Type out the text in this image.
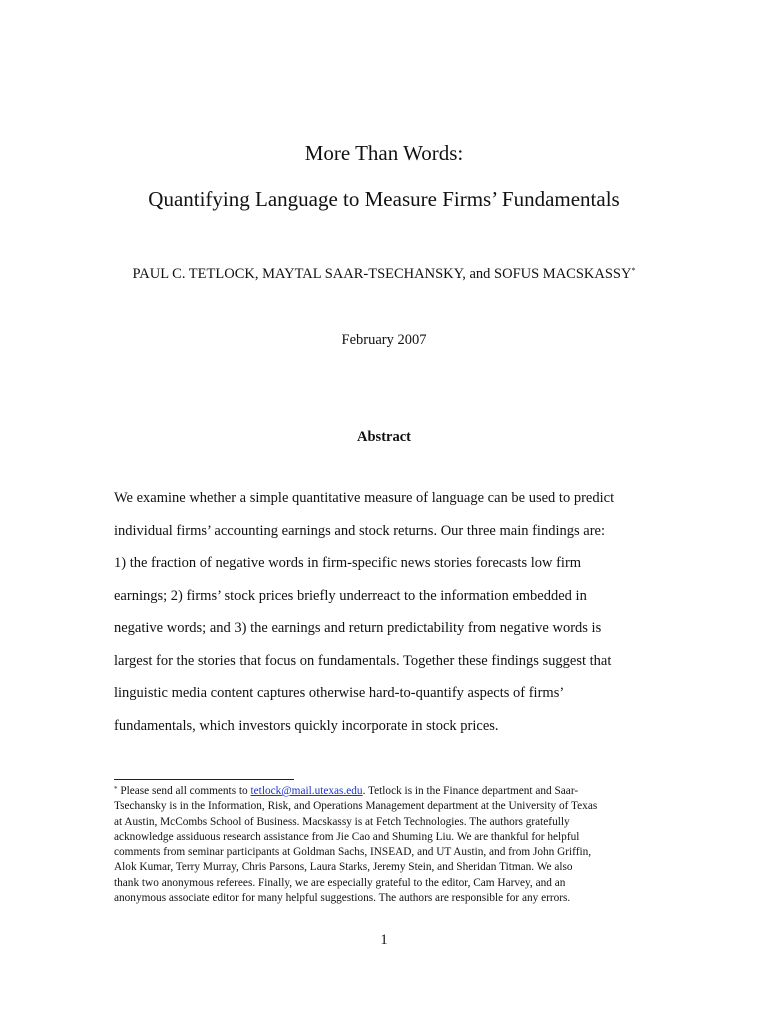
More Than Words:
Quantifying Language to Measure Firms’ Fundamentals
PAUL C. TETLOCK, MAYTAL SAAR-TSECHANSKY, and SOFUS MACSKASSY*
February 2007
Abstract
We examine whether a simple quantitative measure of language can be used to predict
individual firms’ accounting earnings and stock returns. Our three main findings are:
1) the fraction of negative words in firm-specific news stories forecasts low firm
earnings; 2) firms’ stock prices briefly underreact to the information embedded in
negative words; and 3) the earnings and return predictability from negative words is
largest for the stories that focus on fundamentals. Together these findings suggest that
linguistic media content captures otherwise hard-to-quantify aspects of firms’
fundamentals, which investors quickly incorporate in stock prices.
* Please send all comments to tetlock@mail.utexas.edu. Tetlock is in the Finance department and Saar-
Tsechansky is in the Information, Risk, and Operations Management department at the University of Texas
at Austin, McCombs School of Business. Macskassy is at Fetch Technologies. The authors gratefully
acknowledge assiduous research assistance from Jie Cao and Shuming Liu. We are thankful for helpful
comments from seminar participants at Goldman Sachs, INSEAD, and UT Austin, and from John Griffin,
Alok Kumar, Terry Murray, Chris Parsons, Laura Starks, Jeremy Stein, and Sheridan Titman. We also
thank two anonymous referees. Finally, we are especially grateful to the editor, Cam Harvey, and an
anonymous associate editor for many helpful suggestions. The authors are responsible for any errors.
1
